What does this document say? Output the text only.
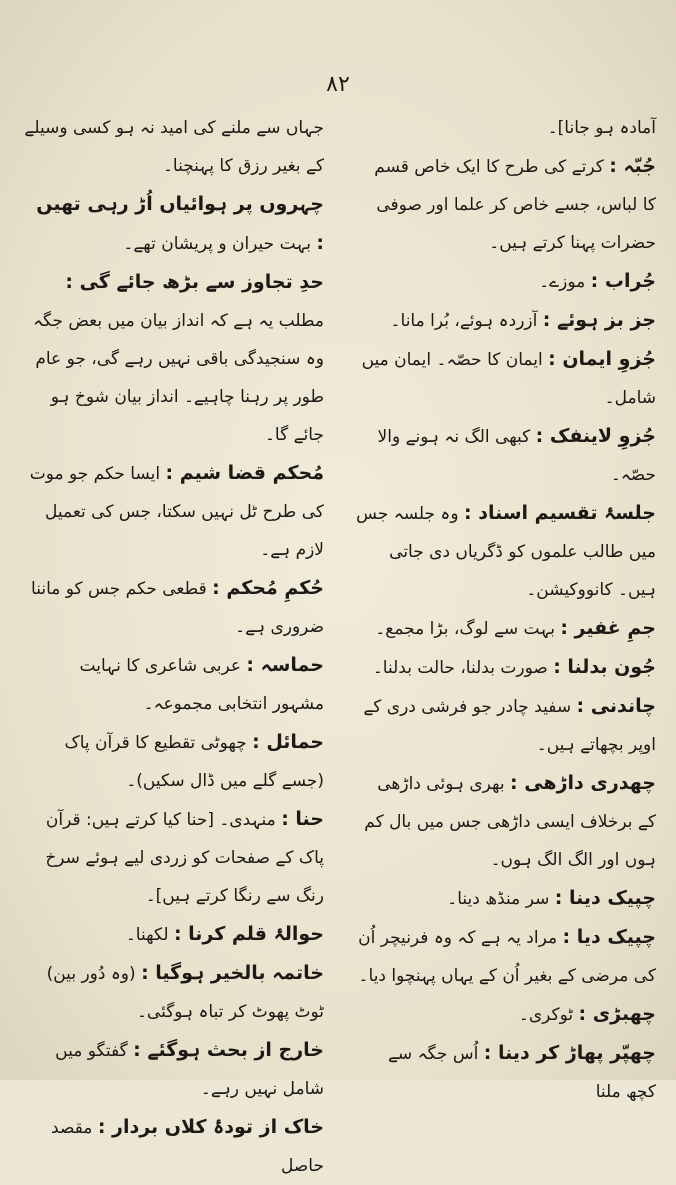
۸۲
آمادہ ہو جانا]۔
جُبّہ : کرتے کی طرح کا ایک خاص قسم کا لباس، جسے خاص کر علما اور صوفی حضرات پہنا کرتے ہیں۔
جُراب : موزے۔
جز بز ہوئے : آزردہ ہوئے، بُرا مانا۔
جُزوِ ایمان : ایمان کا حصّہ۔ ایمان میں شامل۔
جُزوِ لاینفک : کبھی الگ نہ ہونے والا حصّہ۔
جلسۂ تقسیم اسناد : وہ جلسہ جس میں طالب علموں کو ڈگریاں دی جاتی ہیں۔ کانووکیشن۔
جمِ غفیر : بہت سے لوگ، بڑا مجمع۔
جُون بدلنا : صورت بدلنا، حالت بدلنا۔
چاندنی : سفید چادر جو فرشی دری کے اوپر بچھاتے ہیں۔
چھدری داڑھی : بھری ہوئی داڑھی کے برخلاف ایسی داڑھی جس میں بال کم ہوں اور الگ الگ ہوں۔
چپیک دینا : سر منڈھ دینا۔
چپیک دیا : مراد یہ ہے کہ وہ فرنیچر اُن کی مرضی کے بغیر اُن کے یہاں پہنچوا دیا۔
چھبڑی : ٹوکری۔
چھپّر پھاڑ کر دینا : اُس جگہ سے کچھ ملنا
جہاں سے ملنے کی امید نہ ہو کسی وسیلے کے بغیر رزق کا پہنچنا۔
چہروں پر ہوائیاں اُڑ رہی تھیں : بہت حیران و پریشان تھے۔
حدِ تجاوز سے بڑھ جائے گی : مطلب یہ ہے کہ انداز بیان میں بعض جگہ وہ سنجیدگی باقی نہیں رہے گی، جو عام طور پر رہنا چاہیے۔ انداز بیان شوخ ہو جائے گا۔
مُحکم قضا شیم : ایسا حکم جو موت کی طرح ٹل نہیں سکتا، جس کی تعمیل لازم ہے۔
حُکمِ مُحکم : قطعی حکم جس کو ماننا ضروری ہے۔
حماسہ : عربی شاعری کا نہایت مشہور انتخابی مجموعہ۔
حمائل : چھوٹی تقطیع کا قرآن پاک (جسے گلے میں ڈال سکیں)۔
حنا : منہدی۔ [حنا کیا کرتے ہیں: قرآن پاک کے صفحات کو زردی لیے ہوئے سرخ رنگ سے رنگا کرتے ہیں]۔
حوالۂ قلم کرنا : لکھنا۔
خاتمہ بالخیر ہوگیا : (وہ دُور بین) ٹوٹ پھوٹ کر تباہ ہوگئی۔
خارج از بحث ہوگئے : گفتگو میں شامل نہیں رہے۔
خاک از تودۂ کلاں بردار : مقصد حاصل
